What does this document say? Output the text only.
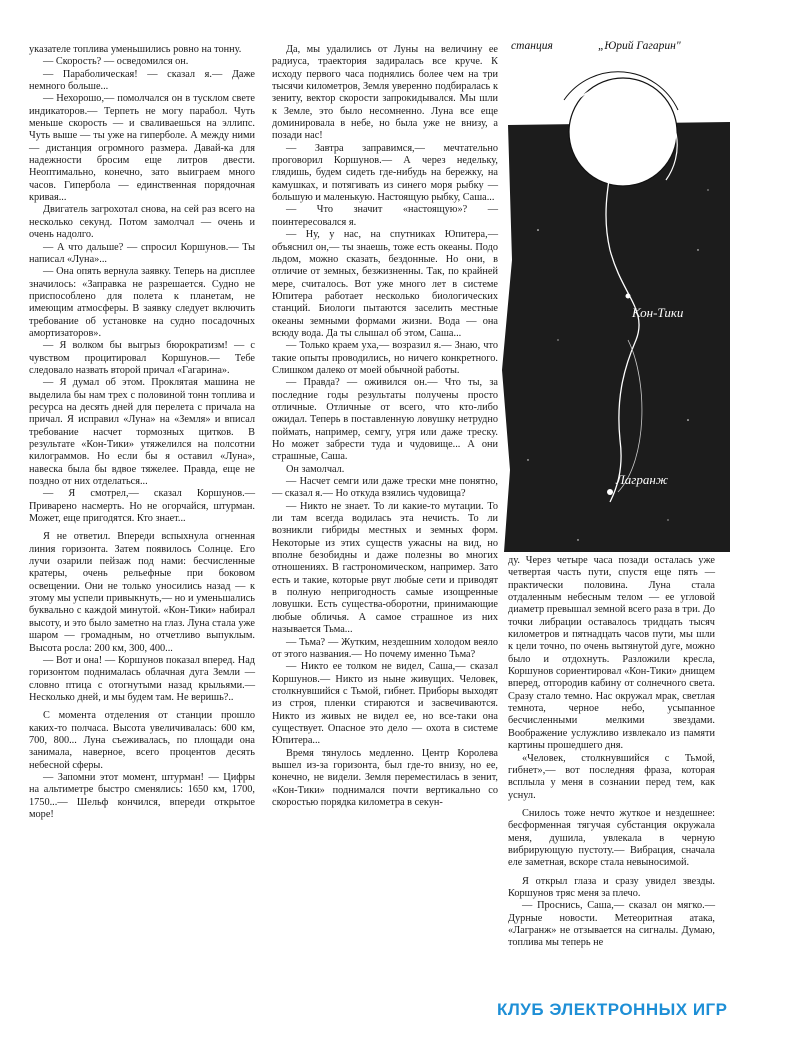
указателе топлива уменьшились ровно на тонну.

— Скорость? — осведомился он.

— Параболическая! — сказал я.— Даже немного больше...

— Нехорошо,— помолчался он в тусклом свете индикаторов.— Терпеть не могу парабол. Чуть меньше скорость — и сваливаешься на эллипс. Чуть выше — ты уже на гиперболе. А между ними — дистанция огромного размера. Давай-ка для надежности бросим еще литров двести. Неоптимально, конечно, зато выиграем много часов. Гипербола — единственная порядочная кривая...

Двигатель загрохотал снова, на сей раз всего на несколько секунд. Потом замолчал — очень и очень надолго.

— А что дальше? — спросил Коршунов.— Ты написал «Луна»...

— Она опять вернула заявку. Теперь на дисплее значилось: «Заправка не разрешается. Судно не приспособлено для полета к планетам, не имеющим атмосферы. В заявку следует включить требование об установке на судно посадочных амортизаторов».

— Я волком бы выгрыз бюрократизм! — с чувством процитировал Коршунов.— Тебе следовало назвать второй причал «Гагарина».

— Я думал об этом. Проклятая машина не выделила бы нам трех с половиной тонн топлива и ресурса на десять дней для перелета с причала на причал. Я исправил «Луна» на «Земля» и вписал требование насчет тормозных щитков. В результате «Кон-Тики» утяжелился на полсотни килограммов. Но если бы я оставил «Луна», навеска была бы вдвое тяжелее. Правда, еще не поздно от них отделаться...

— Я смотрел,— сказал Коршунов.— Приварено насмерть. Но не огорчайся, штурман. Может, еще пригодятся. Кто знает...

Я не ответил. Впереди вспыхнула огненная линия горизонта. Затем появилось Солнце. Его лучи озарили пейзаж под нами: бесчисленные кратеры, очень рельефные при боковом освещении. Они не только уносились назад — к этому мы успели привыкнуть,— но и уменьшались буквально с каждой минутой. «Кон-Тики» набирал высоту, и это было заметно на глаз. Луна стала уже шаром — громадным, но отчетливо выпуклым. Высота росла: 200 км, 300, 400...

— Вот и она! — Коршунов показал вперед. Над горизонтом поднималась облачная дуга Земли — словно птица с отогнутыми назад крыльями.— Несколько дней, и мы будем там. Не веришь?..

С момента отделения от станции прошло каких-то полчаса. Высота увеличивалась: 600 км, 700, 800... Луна съеживалась, по площади она занимала, наверное, всего процентов десять небесной сферы.

— Запомни этот момент, штурман! — Цифры на альтиметре быстро сменялись: 1650 км, 1700, 1750...— Шельф кончился, впереди открытое море!

Да, мы удалились от Луны на величину ее радиуса, траектория задиралась все круче. К исходу первого часа поднялись более чем на три тысячи километров, Земля уверенно подбиралась к зениту, вектор скорости запрокидывался. Мы шли к Земле, это было несомненно. Луна все еще доминировала в небе, но была уже не внизу, а позади нас!

— Завтра заправимся,— мечтательно проговорил Коршунов.— А через недельку, глядишь, будем сидеть где-нибудь на бережку, на камушках, и потягивать из синего моря рыбку — большую и маленькую. Настоящую рыбку, Саша...

— Что значит «настоящую»? — поинтересовался я.

— Ну, у нас, на спутниках Юпитера,— объяснил он,— ты знаешь, тоже есть океаны. Подо льдом, можно сказать, бездонные. Но они, в отличие от земных, безжизненны. Так, по крайней мере, считалось. Вот уже много лет в системе Юпитера работает несколько биологических станций. Биологи пытаются заселить местные океаны земными формами жизни. Вода — она всюду вода. Да ты слышал об этом, Саша...

— Только краем уха,— возразил я.— Знаю, что такие опыты проводились, но ничего конкретного. Слишком далеко от моей обычной работы.

— Правда? — оживился он.— Что ты, за последние годы результаты получены просто отличные. Отличные от всего, что кто-либо ожидал. Теперь в поставленную ловушку нетрудно поймать, например, семгу, угря или даже треску. Но может забрести туда и чудовище... А они страшные, Саша.

Он замолчал.

— Насчет семги или даже трески мне понятно,— сказал я.— Но откуда взялись чудовища?

— Никто не знает. То ли какие-то мутации. То ли там всегда водилась эта нечисть. То ли возникли гибриды местных и земных форм. Некоторые из этих существ ужасны на вид, но вполне безобидны и даже полезны во многих отношениях. В гастрономическом, например. Зато есть и такие, которые рвут любые сети и приводят в полную непригодность самые изощренные ловушки. Есть существа-оборотни, принимающие любые обличья. А самое страшное из них называется Тьма...

— Тьма? — Жутким, нездешним холодом веяло от этого названия.— Но почему именно Тьма?

— Никто ее толком не видел, Саша,— сказал Коршунов.— Никто из ныне живущих. Человек, столкнувшийся с Тьмой, гибнет. Приборы выходят из строя, пленки стираются и засвечиваются. Никто из живых не видел ее, но все-таки она существует. Опасное это дело — охота в системе Юпитера...

Время тянулось медленно. Центр Королева вышел из-за горизонта, был где-то внизу, но ее, конечно, не видели. Земля переместилась в зенит, «Кон-Тики» поднимался почти вертикально со скоростью порядка километра в секун-

станция	„Юрий Гагарин"
Кон-Тики
Лагранж

ду. Через четыре часа позади осталась уже четвертая часть пути, спустя еще пять — практически половина. Луна стала отдаленным небесным телом — ее угловой диаметр превышал земной всего раза в три. До точки либрации оставалось тридцать тысяч километров и пятнадцать часов пути, мы шли к цели точно, по очень вытянутой дуге, можно было и отдохнуть. Разложили кресла, Коршунов сориентировал «Кон-Тики» днищем вперед, отгородив кабину от солнечного света. Сразу стало темно. Нас окружал мрак, светлая темнота, черное небо, усыпанное бесчисленными мелкими звездами. Воображение услужливо извлекало из памяти картины прошедшего дня.

«Человек, столкнувшийся с Тьмой, гибнет»,— вот последняя фраза, которая всплыла у меня в сознании перед тем, как уснул.

Снилось тоже нечто жуткое и нездешнее: бесформенная тягучая субстанция окружала меня, душила, увлекала в черную вибрирующую пустоту.— Вибрация, сначала еле заметная, вскоре стала невыносимой.

Я открыл глаза и сразу увидел звезды. Коршунов тряс меня за плечо.

— Проснись, Саша,— сказал он мягко.— Дурные новости. Метеоритная атака, «Лагранж» не отзывается на сигналы. Думаю, топлива мы теперь не

КЛУБ ЭЛЕКТРОННЫХ ИГР
